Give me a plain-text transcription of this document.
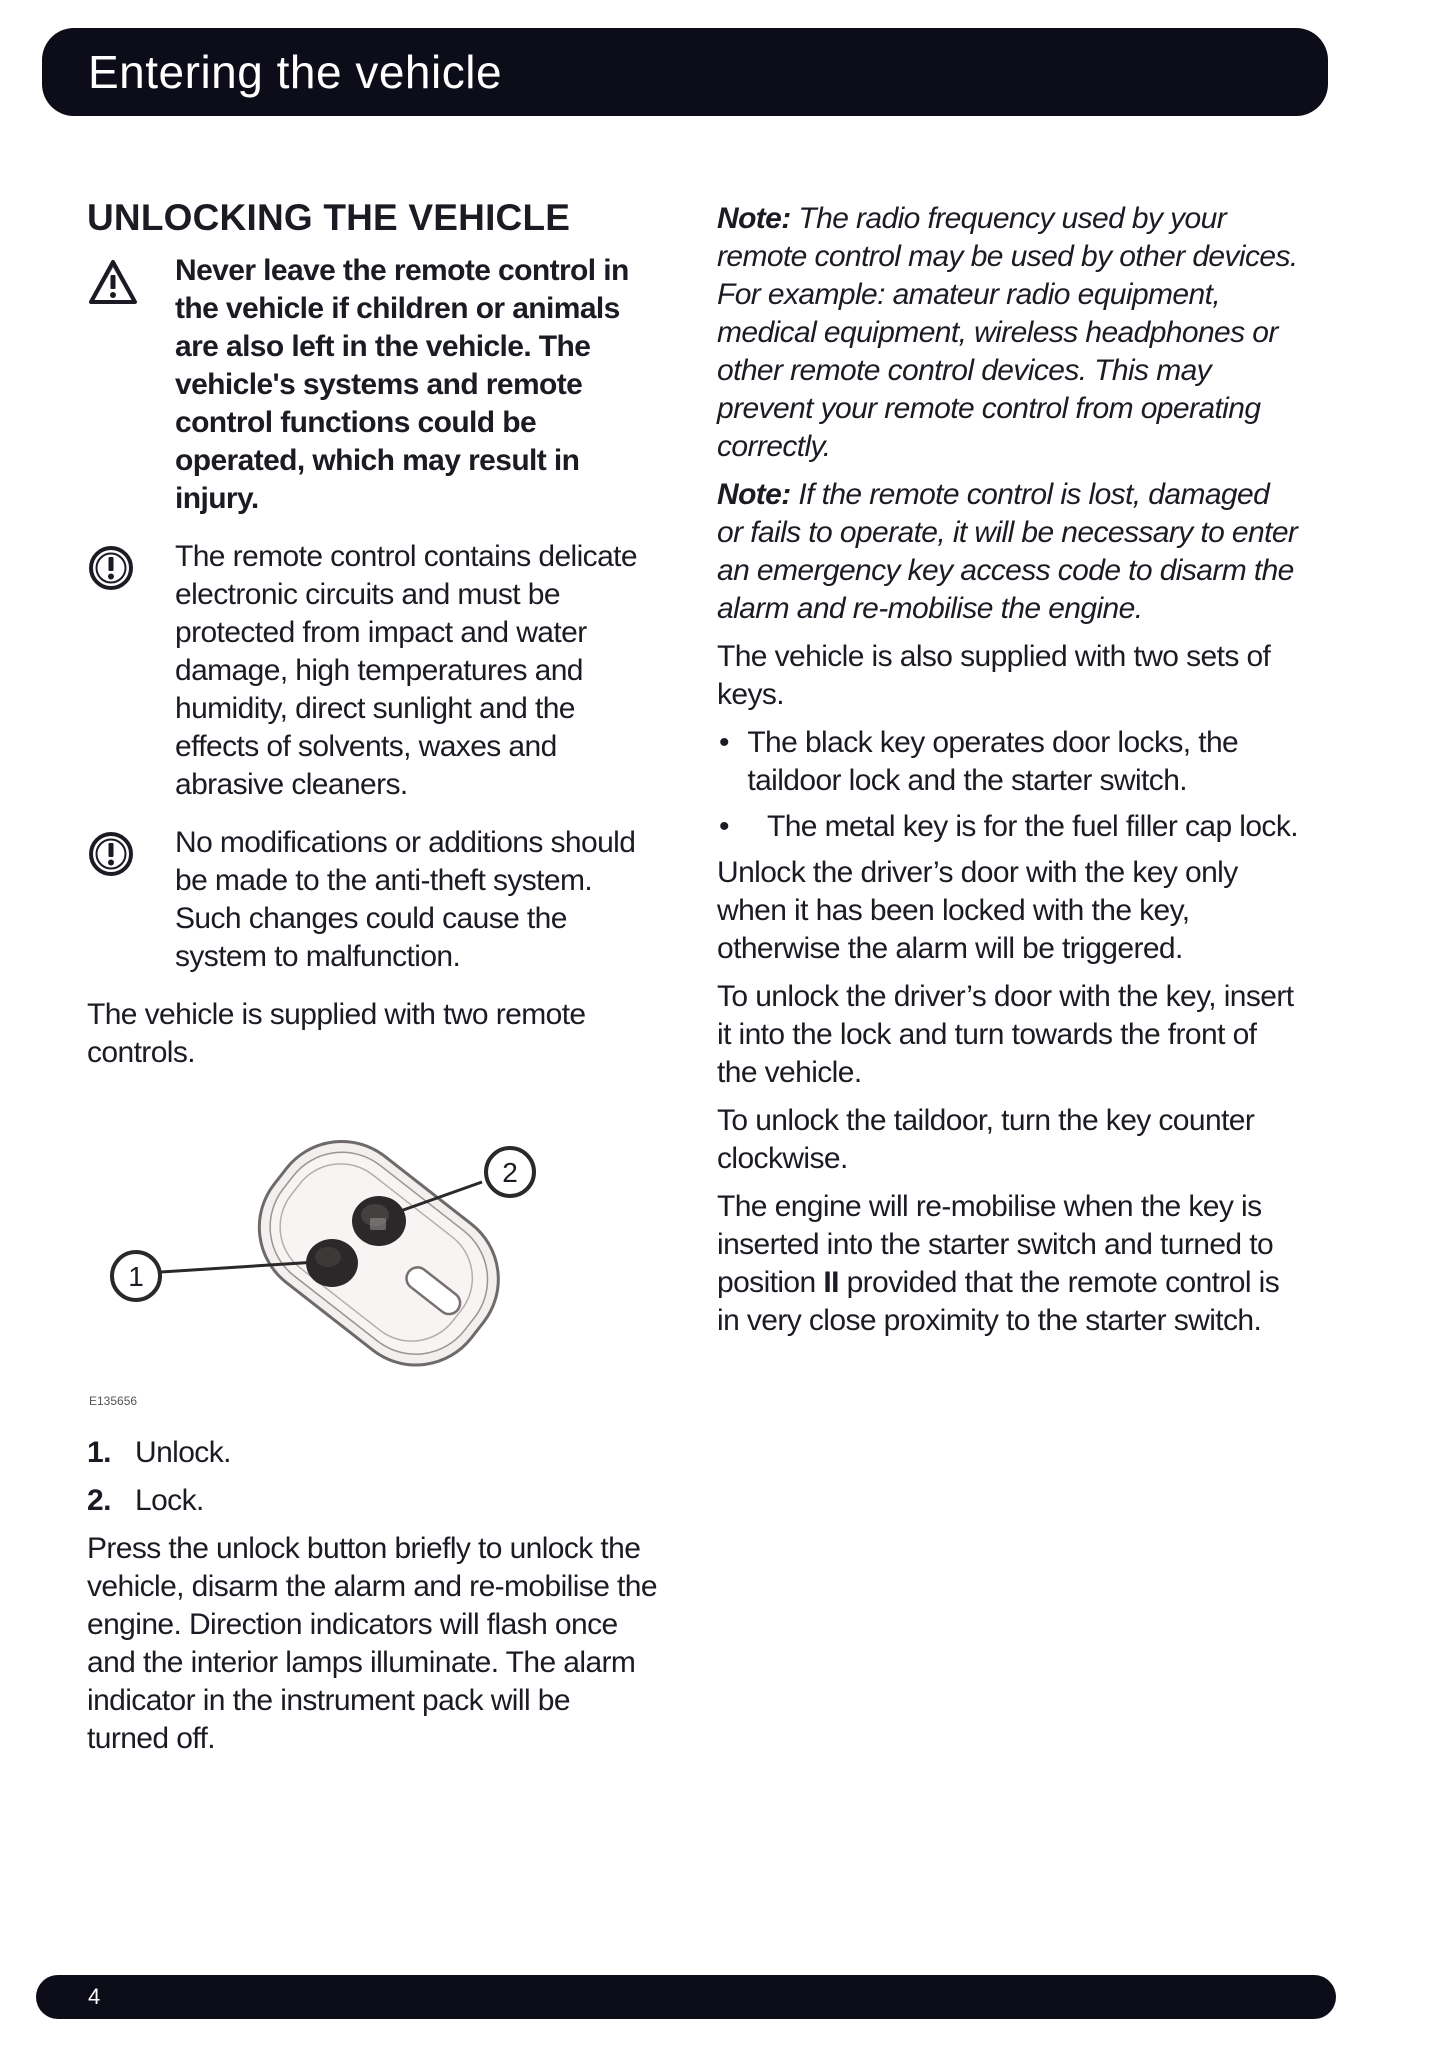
Entering the vehicle
UNLOCKING THE VEHICLE
Never leave the remote control in the vehicle if children or animals are also left in the vehicle. The vehicle's systems and remote control functions could be operated, which may result in injury.
The remote control contains delicate electronic circuits and must be protected from impact and water damage, high temperatures and humidity, direct sunlight and the effects of solvents, waxes and abrasive cleaners.
No modifications or additions should be made to the anti-theft system. Such changes could cause the system to malfunction.

The vehicle is supplied with two remote controls.

1
2
E135656
1. Unlock.
2. Lock.

Press the unlock button briefly to unlock the vehicle, disarm the alarm and re-mobilise the engine. Direction indicators will flash once and the interior lamps illuminate. The alarm indicator in the instrument pack will be turned off.

Note: The radio frequency used by your remote control may be used by other devices. For example: amateur radio equipment, medical equipment, wireless headphones or other remote control devices. This may prevent your remote control from operating correctly.

Note: If the remote control is lost, damaged or fails to operate, it will be necessary to enter an emergency key access code to disarm the alarm and re-mobilise the engine.

The vehicle is also supplied with two sets of keys.

• The black key operates door locks, the taildoor lock and the starter switch.
•	The metal key is for the fuel filler cap lock.

Unlock the driver’s door with the key only when it has been locked with the key, otherwise the alarm will be triggered.

To unlock the driver’s door with the key, insert it into the lock and turn towards the front of the vehicle.

To unlock the taildoor, turn the key counter clockwise.

The engine will re-mobilise when the key is inserted into the starter switch and turned to position II provided that the remote control is in very close proximity to the starter switch.

4
